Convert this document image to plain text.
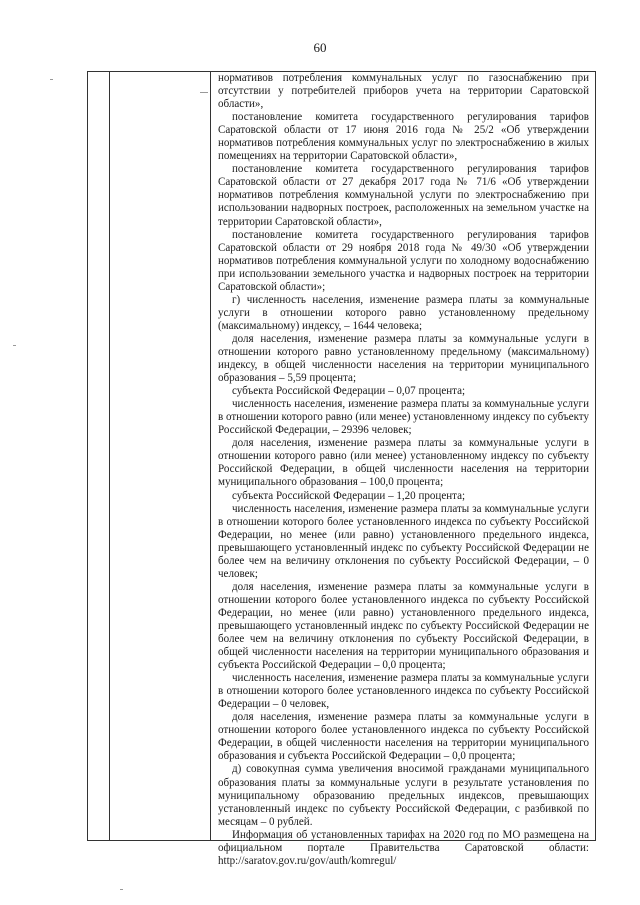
60

нормативов потребления коммунальных услуг по газоснабжению при отсутствии у потребителей приборов учета на территории Саратовской области»,

постановление комитета государственного регулирования тарифов Саратовской области от 17 июня 2016 года № 25/2 «Об утверждении нормативов потребления коммунальных услуг по электроснабжению в жилых помещениях на территории Саратовской области»,

постановление комитета государственного регулирования тарифов Саратовской области от 27 декабря 2017 года № 71/6 «Об утверждении нормативов потребления коммунальной услуги по электроснабжению при использовании надворных построек, расположенных на земельном участке на территории Саратовской области»,

постановление комитета государственного регулирования тарифов Саратовской области от 29 ноября 2018 года № 49/30 «Об утверждении нормативов потребления коммунальной услуги по холодному водоснабжению при использовании земельного участка и надворных построек на территории Саратовской области»;

г) численность населения, изменение размера платы за коммунальные услуги в отношении которого равно установленному предельному (максимальному) индексу, – 1644 человека;

доля населения, изменение размера платы за коммунальные услуги в отношении которого равно установленному предельному (максимальному) индексу, в общей численности населения на территории муниципального образования – 5,59 процента;

субъекта Российской Федерации – 0,07 процента;

численность населения, изменение размера платы за коммунальные услуги в отношении которого равно (или менее) установленному индексу по субъекту Российской Федерации, – 29396 человек;

доля населения, изменение размера платы за коммунальные услуги в отношении которого равно (или менее) установленному индексу по субъекту Российской Федерации, в общей численности населения на территории муниципального образования – 100,0 процента;

субъекта Российской Федерации – 1,20 процента;

численность населения, изменение размера платы за коммунальные услуги в отношении которого более установленного индекса по субъекту Российской Федерации, но менее (или равно) установленного предельного индекса, превышающего установленный индекс по субъекту Российской Федерации не более чем на величину отклонения по субъекту Российской Федерации, – 0 человек;

доля населения, изменение размера платы за коммунальные услуги в отношении которого более установленного индекса по субъекту Российской Федерации, но менее (или равно) установленного предельного индекса, превышающего установленный индекс по субъекту Российской Федерации не более чем на величину отклонения по субъекту Российской Федерации, в общей численности населения на территории муниципального образования и субъекта Российской Федерации – 0,0 процента;

численность населения, изменение размера платы за коммунальные услуги в отношении которого более установленного индекса по субъекту Российской Федерации – 0 человек,

доля населения, изменение размера платы за коммунальные услуги в отношении которого более установленного индекса по субъекту Российской Федерации, в общей численности населения на территории муниципального образования и субъекта Российской Федерации – 0,0 процента;

д) совокупная сумма увеличения вносимой гражданами муниципального образования платы за коммунальные услуги в результате установления по муниципальному образованию предельных индексов, превышающих установленный индекс по субъекту Российской Федерации, с разбивкой по месяцам – 0 рублей.

Информация об установленных тарифах на 2020 год по МО размещена на официальном портале Правительства Саратовской области: http://saratov.gov.ru/gov/auth/komregul/
